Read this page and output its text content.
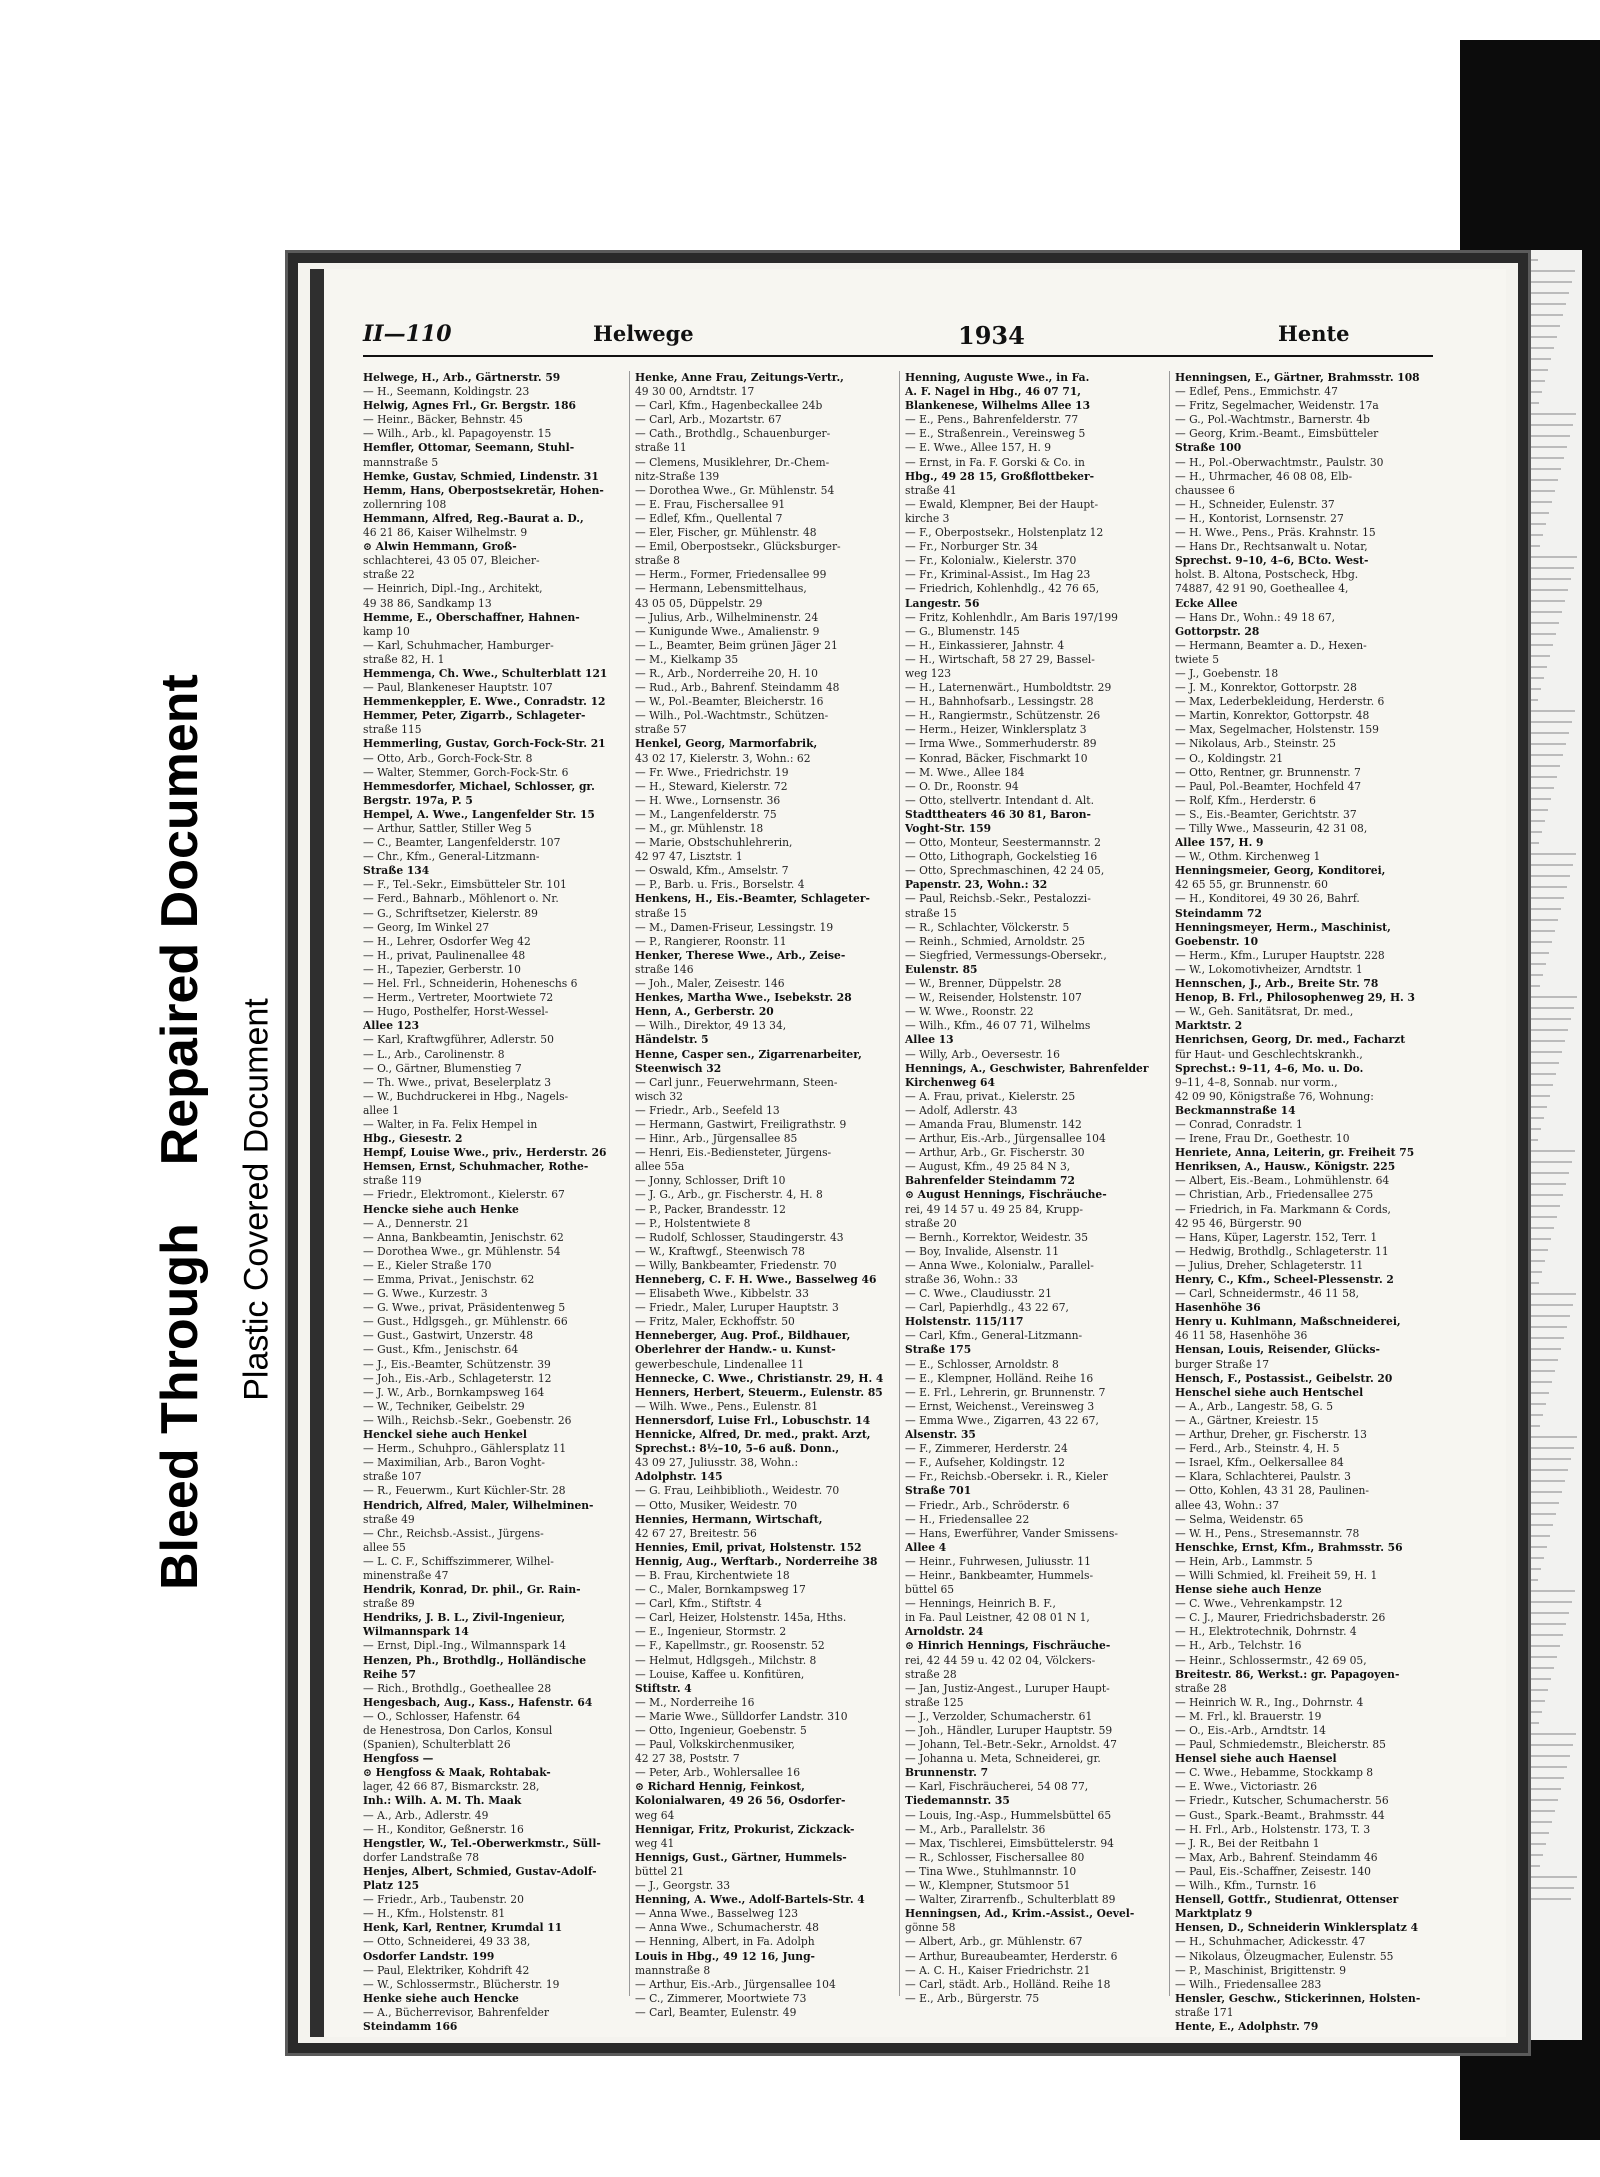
Bleed Through    Repaired Document
Plastic Covered Document
II—110	Helwege	1934	Hente
Helwege, H., Arb., Gärtnerstr. 59
— H., Seemann, Koldingstr. 23
Helwig, Agnes Frl., Gr. Bergstr. 186
— Heinr., Bäcker, Behnstr. 45
— Wilh., Arb., kl. Papagoyenstr. 15
Hemfler, Ottomar, Seemann, Stuhl-
mannstraße 5
Hemke, Gustav, Schmied, Lindenstr. 31
Hemm, Hans, Oberpostsekretär, Hohen-
zollernring 108
Hemmann, Alfred, Reg.-Baurat a. D.,
46 21 86, Kaiser Wilhelmstr. 9
⊙ Alwin Hemmann, Groß-
schlachterei, 43 05 07, Bleicher-
straße 22
— Heinrich, Dipl.-Ing., Architekt,
49 38 86, Sandkamp 13
Hemme, E., Oberschaffner, Hahnen-
kamp 10
— Karl, Schuhmacher, Hamburger-
straße 82, H. 1
Hemmenga, Ch. Wwe., Schulterblatt 121
— Paul, Blankeneser Hauptstr. 107
Hemmenkeppler, E. Wwe., Conradstr. 12
Hemmer, Peter, Zigarrb., Schlageter-
straße 115
Hemmerling, Gustav, Gorch-Fock-Str. 21
— Otto, Arb., Gorch-Fock-Str. 8
— Walter, Stemmer, Gorch-Fock-Str. 6
Hemmesdorfer, Michael, Schlosser, gr.
Bergstr. 197a, P. 5
Hempel, A. Wwe., Langenfelder Str. 15
— Arthur, Sattler, Stiller Weg 5
— C., Beamter, Langenfelderstr. 107
— Chr., Kfm., General-Litzmann-
Straße 134
— F., Tel.-Sekr., Eimsbütteler Str. 101
— Ferd., Bahnarb., Möhlenort o. Nr.
— G., Schriftsetzer, Kielerstr. 89
— Georg, Im Winkel 27
— H., Lehrer, Osdorfer Weg 42
— H., privat, Paulinenallee 48
— H., Tapezier, Gerberstr. 10
— Hel. Frl., Schneiderin, Hoheneschs 6
— Herm., Vertreter, Moortwiete 72
— Hugo, Posthelfer, Horst-Wessel-
Allee 123
— Karl, Kraftwgführer, Adlerstr. 50
— L., Arb., Carolinenstr. 8
— O., Gärtner, Blumenstieg 7
— Th. Wwe., privat, Beselerplatz 3
— W., Buchdruckerei in Hbg., Nagels-
allee 1
— Walter, in Fa. Felix Hempel in
Hbg., Giesestr. 2
Hempf, Louise Wwe., priv., Herderstr. 26
Hemsen, Ernst, Schuhmacher, Rothe-
straße 119
— Friedr., Elektromont., Kielerstr. 67
Hencke siehe auch Henke
— A., Dennerstr. 21
— Anna, Bankbeamtin, Jenischstr. 62
— Dorothea Wwe., gr. Mühlenstr. 54
— E., Kieler Straße 170
— Emma, Privat., Jenischstr. 62
— G. Wwe., Kurzestr. 3
— G. Wwe., privat, Präsidentenweg 5
— Gust., Hdlgsgeh., gr. Mühlenstr. 66
— Gust., Gastwirt, Unzerstr. 48
— Gust., Kfm., Jenischstr. 64
— J., Eis.-Beamter, Schützenstr. 39
— Joh., Eis.-Arb., Schlageterstr. 12
— J. W., Arb., Bornkampsweg 164
— W., Techniker, Geibelstr. 29
— Wilh., Reichsb.-Sekr., Goebenstr. 26
Henckel siehe auch Henkel
— Herm., Schuhpro., Gählersplatz 11
— Maximilian, Arb., Baron Voght-
straße 107
— R., Feuerwm., Kurt Küchler-Str. 28
Hendrich, Alfred, Maler, Wilhelminen-
straße 49
— Chr., Reichsb.-Assist., Jürgens-
allee 55
— L. C. F., Schiffszimmerer, Wilhel-
minenstraße 47
Hendrik, Konrad, Dr. phil., Gr. Rain-
straße 89
Hendriks, J. B. L., Zivil-Ingenieur,
Wilmannspark 14
— Ernst, Dipl.-Ing., Wilmannspark 14
Henzen, Ph., Brothdlg., Holländische
Reihe 57
— Rich., Brothdlg., Goetheallee 28
Hengesbach, Aug., Kass., Hafenstr. 64
— O., Schlosser, Hafenstr. 64
de Henestrosa, Don Carlos, Konsul
(Spanien), Schulterblatt 26
Hengfoss —
⊙ Hengfoss & Maak, Rohtabak-
lager, 42 66 87, Bismarckstr. 28,
Inh.: Wilh. A. M. Th. Maak
— A., Arb., Adlerstr. 49
— H., Konditor, Geßnerstr. 16
Hengstler, W., Tel.-Oberwerkmstr., Süll-
dorfer Landstraße 78
Henjes, Albert, Schmied, Gustav-Adolf-
Platz 125
— Friedr., Arb., Taubenstr. 20
— H., Kfm., Holstenstr. 81
Henk, Karl, Rentner, Krumdal 11
— Otto, Schneiderei, 49 33 38,
Osdorfer Landstr. 199
— Paul, Elektriker, Kohdrift 42
— W., Schlossermstr., Blücherstr. 19
Henke siehe auch Hencke
— A., Bücherrevisor, Bahrenfelder
Steindamm 166
Henke, Anne Frau, Zeitungs-Vertr.,
49 30 00, Arndtstr. 17
— Carl, Kfm., Hagenbeckallee 24b
— Carl, Arb., Mozartstr. 67
— Cath., Brothdlg., Schauenburger-
straße 11
— Clemens, Musiklehrer, Dr.-Chem-
nitz-Straße 139
— Dorothea Wwe., Gr. Mühlenstr. 54
— E. Frau, Fischersallee 91
— Edlef, Kfm., Quellental 7
— Eler, Fischer, gr. Mühlenstr. 48
— Emil, Oberpostsekr., Glücksburger-
straße 8
— Herm., Former, Friedensallee 99
— Hermann, Lebensmittelhaus,
43 05 05, Düppelstr. 29
— Julius, Arb., Wilhelminenstr. 24
— Kunigunde Wwe., Amalienstr. 9
— L., Beamter, Beim grünen Jäger 21
— M., Kielkamp 35
— R., Arb., Norderreihe 20, H. 10
— Rud., Arb., Bahrenf. Steindamm 48
— W., Pol.-Beamter, Bleicherstr. 16
— Wilh., Pol.-Wachtmstr., Schützen-
straße 57
Henkel, Georg, Marmorfabrik,
43 02 17, Kielerstr. 3, Wohn.: 62
— Fr. Wwe., Friedrichstr. 19
— H., Steward, Kielerstr. 72
— H. Wwe., Lornsenstr. 36
— M., Langenfelderstr. 75
— M., gr. Mühlenstr. 18
— Marie, Obstschuhlehrerin,
42 97 47, Lisztstr. 1
— Oswald, Kfm., Amselstr. 7
— P., Barb. u. Fris., Borselstr. 4
Henkens, H., Eis.-Beamter, Schlageter-
straße 15
— M., Damen-Friseur, Lessingstr. 19
— P., Rangierer, Roonstr. 11
Henker, Therese Wwe., Arb., Zeise-
straße 146
— Joh., Maler, Zeisestr. 146
Henkes, Martha Wwe., Isebekstr. 28
Henn, A., Gerberstr. 20
— Wilh., Direktor, 49 13 34,
Händelstr. 5
Henne, Casper sen., Zigarrenarbeiter,
Steenwisch 32
— Carl junr., Feuerwehrmann, Steen-
wisch 32
— Friedr., Arb., Seefeld 13
— Hermann, Gastwirt, Freiligrathstr. 9
— Hinr., Arb., Jürgensallee 85
— Henri, Eis.-Bediensteter, Jürgens-
allee 55a
— Jonny, Schlosser, Drift 10
— J. G., Arb., gr. Fischerstr. 4, H. 8
— P., Packer, Brandesstr. 12
— P., Holstentwiete 8
— Rudolf, Schlosser, Staudingerstr. 43
— W., Kraftwgf., Steenwisch 78
— Willy, Bankbeamter, Friedenstr. 70
Henneberg, C. F. H. Wwe., Basselweg 46
— Elisabeth Wwe., Kibbelstr. 33
— Friedr., Maler, Luruper Hauptstr. 3
— Fritz, Maler, Eckhoffstr. 50
Henneberger, Aug. Prof., Bildhauer,
Oberlehrer der Handw.- u. Kunst-
gewerbeschule, Lindenallee 11
Hennecke, C. Wwe., Christianstr. 29, H. 4
Henners, Herbert, Steuerm., Eulenstr. 85
— Wilh. Wwe., Pens., Eulenstr. 81
Hennersdorf, Luise Frl., Lobuschstr. 14
Hennicke, Alfred, Dr. med., prakt. Arzt,
Sprechst.: 8½–10, 5–6 auß. Donn.,
43 09 27, Juliusstr. 38, Wohn.:
Adolphstr. 145
— G. Frau, Leihbiblioth., Weidestr. 70
— Otto, Musiker, Weidestr. 70
Hennies, Hermann, Wirtschaft,
42 67 27, Breitestr. 56
Hennies, Emil, privat, Holstenstr. 152
Hennig, Aug., Werftarb., Norderreihe 38
— B. Frau, Kirchentwiete 18
— C., Maler, Bornkampsweg 17
— Carl, Kfm., Stiftstr. 4
— Carl, Heizer, Holstenstr. 145a, Hths.
— E., Ingenieur, Stormstr. 2
— F., Kapellmstr., gr. Roosenstr. 52
— Helmut, Hdlgsgeh., Milchstr. 8
— Louise, Kaffee u. Konfitüren,
Stiftstr. 4
— M., Norderreihe 16
— Marie Wwe., Sülldorfer Landstr. 310
— Otto, Ingenieur, Goebenstr. 5
— Paul, Volkskirchenmusiker,
42 27 38, Poststr. 7
— Peter, Arb., Wohlersallee 16
⊙ Richard Hennig, Feinkost,
Kolonialwaren, 49 26 56, Osdorfer-
weg 64
Hennigar, Fritz, Prokurist, Zickzack-
weg 41
Hennigs, Gust., Gärtner, Hummels-
büttel 21
— J., Georgstr. 33
Henning, A. Wwe., Adolf-Bartels-Str. 4
— Anna Wwe., Basselweg 123
— Anna Wwe., Schumacherstr. 48
— Henning, Albert, in Fa. Adolph
Louis in Hbg., 49 12 16, Jung-
mannstraße 8
— Arthur, Eis.-Arb., Jürgensallee 104
— C., Zimmerer, Moortwiete 73
— Carl, Beamter, Eulenstr. 49
Henning, Auguste Wwe., in Fa.
A. F. Nagel in Hbg., 46 07 71,
Blankenese, Wilhelms Allee 13
— E., Pens., Bahrenfelderstr. 77
— E., Straßenrein., Vereinsweg 5
— E. Wwe., Allee 157, H. 9
— Ernst, in Fa. F. Gorski & Co. in
Hbg., 49 28 15, Großflottbeker-
straße 41
— Ewald, Klempner, Bei der Haupt-
kirche 3
— F., Oberpostsekr., Holstenplatz 12
— Fr., Norburger Str. 34
— Fr., Kolonialw., Kielerstr. 370
— Fr., Kriminal-Assist., Im Hag 23
— Friedrich, Kohlenhdlg., 42 76 65,
Langestr. 56
— Fritz, Kohlenhdlr., Am Baris 197/199
— G., Blumenstr. 145
— H., Einkassierer, Jahnstr. 4
— H., Wirtschaft, 58 27 29, Bassel-
weg 123
— H., Laternenwärt., Humboldtstr. 29
— H., Bahnhofsarb., Lessingstr. 28
— H., Rangiermstr., Schützenstr. 26
— Herm., Heizer, Winklersplatz 3
— Irma Wwe., Sommerhuderstr. 89
— Konrad, Bäcker, Fischmarkt 10
— M. Wwe., Allee 184
— O. Dr., Roonstr. 94
— Otto, stellvertr. Intendant d. Alt.
Stadttheaters 46 30 81, Baron-
Voght-Str. 159
— Otto, Monteur, Seestermannstr. 2
— Otto, Lithograph, Gockelstieg 16
— Otto, Sprechmaschinen, 42 24 05,
Papenstr. 23, Wohn.: 32
— Paul, Reichsb.-Sekr., Pestalozzi-
straße 15
— R., Schlachter, Völckerstr. 5
— Reinh., Schmied, Arnoldstr. 25
— Siegfried, Vermessungs-Obersekr.,
Eulenstr. 85
— W., Brenner, Düppelstr. 28
— W., Reisender, Holstenstr. 107
— W. Wwe., Roonstr. 22
— Wilh., Kfm., 46 07 71, Wilhelms
Allee 13
— Willy, Arb., Oeversestr. 16
Hennings, A., Geschwister, Bahrenfelder
Kirchenweg 64
— A. Frau, privat., Kielerstr. 25
— Adolf, Adlerstr. 43
— Amanda Frau, Blumenstr. 142
— Arthur, Eis.-Arb., Jürgensallee 104
— Arthur, Arb., Gr. Fischerstr. 30
— August, Kfm., 49 25 84 N 3,
Bahrenfelder Steindamm 72
⊙ August Hennings, Fischräuche-
rei, 49 14 57 u. 49 25 84, Krupp-
straße 20
— Bernh., Korrektor, Weidestr. 35
— Boy, Invalide, Alsenstr. 11
— Anna Wwe., Kolonialw., Parallel-
straße 36, Wohn.: 33
— C. Wwe., Claudiusstr. 21
— Carl, Papierhdlg., 43 22 67,
Holstenstr. 115/117
— Carl, Kfm., General-Litzmann-
Straße 175
— E., Schlosser, Arnoldstr. 8
— E., Klempner, Holländ. Reihe 16
— E. Frl., Lehrerin, gr. Brunnenstr. 7
— Ernst, Weichenst., Vereinsweg 3
— Emma Wwe., Zigarren, 43 22 67,
Alsenstr. 35
— F., Zimmerer, Herderstr. 24
— F., Aufseher, Koldingstr. 12
— Fr., Reichsb.-Obersekr. i. R., Kieler
Straße 701
— Friedr., Arb., Schröderstr. 6
— H., Friedensallee 22
— Hans, Ewerführer, Vander Smissens-
Allee 4
— Heinr., Fuhrwesen, Juliusstr. 11
— Heinr., Bankbeamter, Hummels-
büttel 65
— Hennings, Heinrich B. F.,
in Fa. Paul Leistner, 42 08 01 N 1,
Arnoldstr. 24
⊙ Hinrich Hennings, Fischräuche-
rei, 42 44 59 u. 42 02 04, Völckers-
straße 28
— Jan, Justiz-Angest., Luruper Haupt-
straße 125
— J., Verzolder, Schumacherstr. 61
— Joh., Händler, Luruper Hauptstr. 59
— Johann, Tel.-Betr.-Sekr., Arnoldst. 47
— Johanna u. Meta, Schneiderei, gr.
Brunnenstr. 7
— Karl, Fischräucherei, 54 08 77,
Tiedemannstr. 35
— Louis, Ing.-Asp., Hummelsbüttel 65
— M., Arb., Parallelstr. 36
— Max, Tischlerei, Eimsbüttelerstr. 94
— R., Schlosser, Fischersallee 80
— Tina Wwe., Stuhlmannstr. 10
— W., Klempner, Stutsmoor 51
— Walter, Zirarrenfb., Schulterblatt 89
Henningsen, Ad., Krim.-Assist., Oevel-
gönne 58
— Albert, Arb., gr. Mühlenstr. 67
— Arthur, Bureaubeamter, Herderstr. 6
— A. C. H., Kaiser Friedrichstr. 21
— Carl, städt. Arb., Holländ. Reihe 18
— E., Arb., Bürgerstr. 75
Henningsen, E., Gärtner, Brahmsstr. 108
— Edlef, Pens., Emmichstr. 47
— Fritz, Segelmacher, Weidenstr. 17a
— G., Pol.-Wachtmstr., Barnerstr. 4b
— Georg, Krim.-Beamt., Eimsbütteler
Straße 100
— H., Pol.-Oberwachtmstr., Paulstr. 30
— H., Uhrmacher, 46 08 08, Elb-
chaussee 6
— H., Schneider, Eulenstr. 37
— H., Kontorist, Lornsenstr. 27
— H. Wwe., Pens., Präs. Krahnstr. 15
— Hans Dr., Rechtsanwalt u. Notar,
Sprechst. 9–10, 4–6, BCto. West-
holst. B. Altona, Postscheck, Hbg.
74887, 42 91 90, Goetheallee 4,
Ecke Allee
— Hans Dr., Wohn.: 49 18 67,
Gottorpstr. 28
— Hermann, Beamter a. D., Hexen-
twiete 5
— J., Goebenstr. 18
— J. M., Konrektor, Gottorpstr. 28
— Max, Lederbekleidung, Herderstr. 6
— Martin, Konrektor, Gottorpstr. 48
— Max, Segelmacher, Holstenstr. 159
— Nikolaus, Arb., Steinstr. 25
— O., Koldingstr. 21
— Otto, Rentner, gr. Brunnenstr. 7
— Paul, Pol.-Beamter, Hochfeld 47
— Rolf, Kfm., Herderstr. 6
— S., Eis.-Beamter, Gerichtstr. 37
— Tilly Wwe., Masseurin, 42 31 08,
Allee 157, H. 9
— W., Othm. Kirchenweg 1
Henningsmeier, Georg, Konditorei,
42 65 55, gr. Brunnenstr. 60
— H., Konditorei, 49 30 26, Bahrf.
Steindamm 72
Henningsmeyer, Herm., Maschinist,
Goebenstr. 10
— Herm., Kfm., Luruper Hauptstr. 228
— W., Lokomotivheizer, Arndtstr. 1
Hennschen, J., Arb., Breite Str. 78
Henop, B. Frl., Philosophenweg 29, H. 3
— W., Geh. Sanitätsrat, Dr. med.,
Marktstr. 2
Henrichsen, Georg, Dr. med., Facharzt
für Haut- und Geschlechtskrankh.,
Sprechst.: 9–11, 4–6, Mo. u. Do.
9–11, 4–8, Sonnab. nur vorm.,
42 09 90, Königstraße 76, Wohnung:
Beckmannstraße 14
— Conrad, Conradstr. 1
— Irene, Frau Dr., Goethestr. 10
Henriete, Anna, Leiterin, gr. Freiheit 75
Henriksen, A., Hausw., Königstr. 225
— Albert, Eis.-Beam., Lohmühlenstr. 64
— Christian, Arb., Friedensallee 275
— Friedrich, in Fa. Markmann & Cords,
42 95 46, Bürgerstr. 90
— Hans, Küper, Lagerstr. 152, Terr. 1
— Hedwig, Brothdlg., Schlageterstr. 11
— Julius, Dreher, Schlageterstr. 11
Henry, C., Kfm., Scheel-Plessenstr. 2
— Carl, Schneidermstr., 46 11 58,
Hasenhöhe 36
Henry u. Kuhlmann, Maßschneiderei,
46 11 58, Hasenhöhe 36
Hensan, Louis, Reisender, Glücks-
burger Straße 17
Hensch, F., Postassist., Geibelstr. 20
Henschel siehe auch Hentschel
— A., Arb., Langestr. 58, G. 5
— A., Gärtner, Kreiestr. 15
— Arthur, Dreher, gr. Fischerstr. 13
— Ferd., Arb., Steinstr. 4, H. 5
— Israel, Kfm., Oelkersallee 84
— Klara, Schlachterei, Paulstr. 3
— Otto, Kohlen, 43 31 28, Paulinen-
allee 43, Wohn.: 37
— Selma, Weidenstr. 65
— W. H., Pens., Stresemannstr. 78
Henschke, Ernst, Kfm., Brahmsstr. 56
— Hein, Arb., Lammstr. 5
— Willi Schmied, kl. Freiheit 59, H. 1
Hense siehe auch Henze
— C. Wwe., Vehrenkampstr. 12
— C. J., Maurer, Friedrichsbaderstr. 26
— H., Elektrotechnik, Dohrnstr. 4
— H., Arb., Telchstr. 16
— Heinr., Schlossermstr., 42 69 05,
Breitestr. 86, Werkst.: gr. Papagoyen-
straße 28
— Heinrich W. R., Ing., Dohrnstr. 4
— M. Frl., kl. Brauerstr. 19
— O., Eis.-Arb., Arndtstr. 14
— Paul, Schmiedemstr., Bleicherstr. 85
Hensel siehe auch Haensel
— C. Wwe., Hebamme, Stockkamp 8
— E. Wwe., Victoriastr. 26
— Friedr., Kutscher, Schumacherstr. 56
— Gust., Spark.-Beamt., Brahmsstr. 44
— H. Frl., Arb., Holstenstr. 173, T. 3
— J. R., Bei der Reitbahn 1
— Max, Arb., Bahrenf. Steindamm 46
— Paul, Eis.-Schaffner, Zeisestr. 140
— Wilh., Kfm., Turnstr. 16
Hensell, Gottfr., Studienrat, Ottenser
Marktplatz 9
Hensen, D., Schneiderin Winklersplatz 4
— H., Schuhmacher, Adickesstr. 47
— Nikolaus, Ölzeugmacher, Eulenstr. 55
— P., Maschinist, Brigittenstr. 9
— Wilh., Friedensallee 283
Hensler, Geschw., Stickerinnen, Holsten-
straße 171
Hente, E., Adolphstr. 79
